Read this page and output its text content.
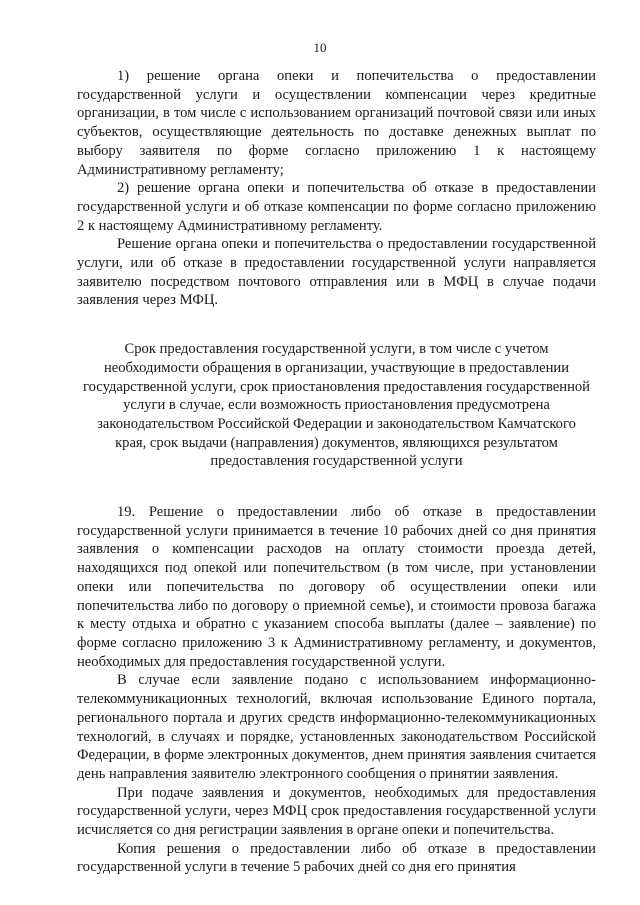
10

1) решение органа опеки и попечительства о предоставлении государственной услуги и осуществлении компенсации через кредитные организации, в том числе с использованием организаций почтовой связи или иных субъектов, осуществляющие деятельность по доставке денежных выплат по выбору заявителя по форме согласно приложению 1 к настоящему Административному регламенту;

2) решение органа опеки и попечительства об отказе в предоставлении государственной услуги и об отказе компенсации по форме согласно приложению 2 к настоящему Административному регламенту.

Решение органа опеки и попечительства о предоставлении государственной услуги, или об отказе в предоставлении государственной услуги направляется заявителю посредством почтового отправления или в МФЦ в случае подачи заявления через МФЦ.

Срок предоставления государственной услуги, в том числе с учетом необходимости обращения в организации, участвующие в предоставлении государственной услуги, срок приостановления предоставления государственной услуги в случае, если возможность приостановления предусмотрена законодательством Российской Федерации и законодательством Камчатского края, срок выдачи (направления) документов, являющихся результатом предоставления государственной услуги

19. Решение о предоставлении либо об отказе в предоставлении государственной услуги принимается в течение 10 рабочих дней со дня принятия заявления о компенсации расходов на оплату стоимости проезда детей, находящихся под опекой или попечительством (в том числе, при установлении опеки или попечительства по договору об осуществлении опеки или попечительства либо по договору о приемной семье), и стоимости провоза багажа к месту отдыха и обратно с указанием способа выплаты (далее – заявление) по форме согласно приложению 3 к Административному регламенту, и документов, необходимых для предоставления государственной услуги.

В случае если заявление подано с использованием информационно-телекоммуникационных технологий, включая использование Единого портала, регионального портала и других средств информационно-телекоммуникационных технологий, в случаях и порядке, установленных законодательством Российской Федерации, в форме электронных документов, днем принятия заявления считается день направления заявителю электронного сообщения о принятии заявления.

При подаче заявления и документов, необходимых для предоставления государственной услуги, через МФЦ срок предоставления государственной услуги исчисляется со дня регистрации заявления в органе опеки и попечительства.

Копия решения о предоставлении либо об отказе в предоставлении государственной услуги в течение 5 рабочих дней со дня его принятия
